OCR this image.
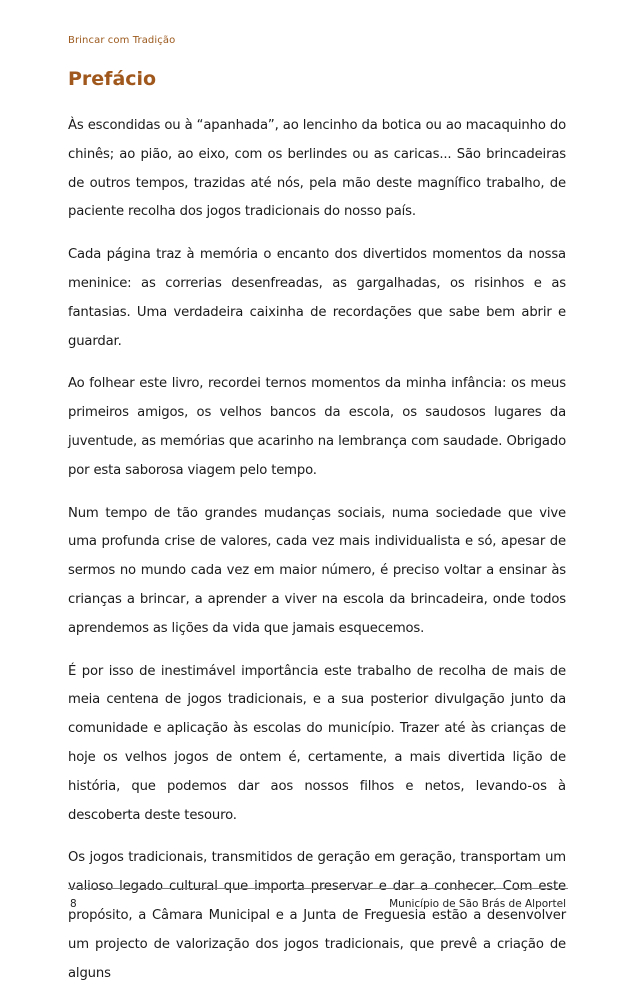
Brincar com Tradição
Prefácio

Às escondidas ou à “apanhada”, ao lencinho da botica ou ao macaquinho do chinês; ao pião, ao eixo, com os berlindes ou as caricas... São brincadeiras de outros tempos, trazidas até nós, pela mão deste magnífico trabalho, de paciente recolha dos jogos tradicionais do nosso país.

Cada página traz à memória o encanto dos divertidos momentos da nossa meninice: as correrias desenfreadas, as gargalhadas, os risinhos e as fantasias. Uma verdadeira caixinha de recordações que sabe bem abrir e guardar.

Ao folhear este livro, recordei ternos momentos da minha infância: os meus primeiros amigos, os velhos bancos da escola, os saudosos lugares da juventude, as memórias que acarinho na lembrança com saudade. Obrigado por esta saborosa viagem pelo tempo.

Num tempo de tão grandes mudanças sociais, numa sociedade que vive uma profunda crise de valores, cada vez mais individualista e só, apesar de sermos no mundo cada vez em maior número, é preciso voltar a ensinar às crianças a brincar, a aprender a viver na escola da brincadeira, onde todos aprendemos as lições da vida que jamais esquecemos.

É por isso de inestimável importância este trabalho de recolha de mais de meia centena de jogos tradicionais, e a sua posterior divulgação junto da comunidade e aplicação às escolas do município. Trazer até às crianças de hoje os velhos jogos de ontem é, certamente, a mais divertida lição de história, que podemos dar aos nossos filhos e netos, levando-os à descoberta deste tesouro.

Os jogos tradicionais, transmitidos de geração em geração, transportam um valioso legado cultural que importa preservar e dar a conhecer. Com este propósito, a Câmara Municipal e a Junta de Freguesia estão a desenvolver um projecto de valorização dos jogos tradicionais, que prevê a criação de alguns

8	Município de São Brás de Alportel
